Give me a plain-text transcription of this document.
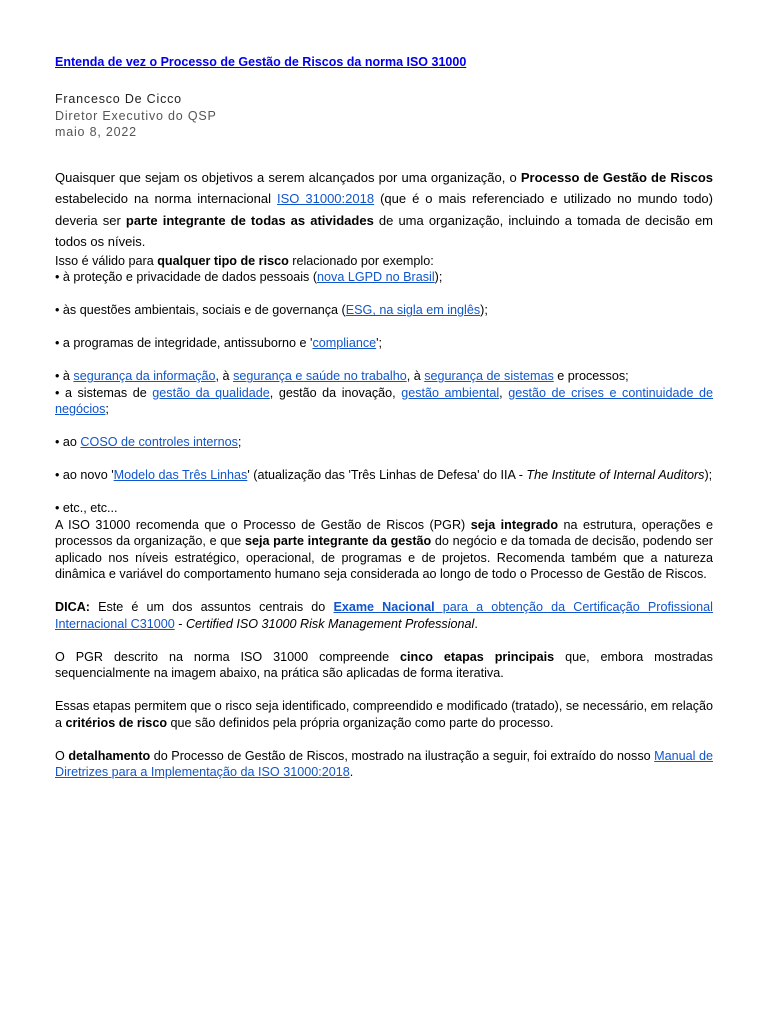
Entenda de vez o Processo de Gestão de Riscos da norma ISO 31000
Francesco De Cicco
Diretor Executivo do QSP
maio 8, 2022

Quaisquer que sejam os objetivos a serem alcançados por uma organização, o Processo de Gestão de Riscos estabelecido na norma internacional ISO 31000:2018 (que é o mais referenciado e utilizado no mundo todo) deveria ser parte integrante de todas as atividades de uma organização, incluindo a tomada de decisão em todos os níveis.

Isso é válido para qualquer tipo de risco relacionado por exemplo:

• à proteção e privacidade de dados pessoais (nova LGPD no Brasil);

• às questões ambientais, sociais e de governança (ESG, na sigla em inglês);

• a programas de integridade, antissuborno e 'compliance';

• à segurança da informação, à segurança e saúde no trabalho, à segurança de sistemas e processos;

• a sistemas de gestão da qualidade, gestão da inovação, gestão ambiental, gestão de crises e continuidade de negócios;

• ao COSO de controles internos;

• ao novo 'Modelo das Três Linhas' (atualização das 'Três Linhas de Defesa' do IIA - The Institute of Internal Auditors);

• etc., etc...

A ISO 31000 recomenda que o Processo de Gestão de Riscos (PGR) seja integrado na estrutura, operações e processos da organização, e que seja parte integrante da gestão do negócio e da tomada de decisão, podendo ser aplicado nos níveis estratégico, operacional, de programas e de projetos. Recomenda também que a natureza dinâmica e variável do comportamento humano seja considerada ao longo de todo o Processo de Gestão de Riscos.

DICA: Este é um dos assuntos centrais do Exame Nacional para a obtenção da Certificação Profissional Internacional C31000 - Certified ISO 31000 Risk Management Professional.

O PGR descrito na norma ISO 31000 compreende cinco etapas principais que, embora mostradas sequencialmente na imagem abaixo, na prática são aplicadas de forma iterativa.

Essas etapas permitem que o risco seja identificado, compreendido e modificado (tratado), se necessário, em relação a critérios de risco que são definidos pela própria organização como parte do processo.

O detalhamento do Processo de Gestão de Riscos, mostrado na ilustração a seguir, foi extraído do nosso Manual de Diretrizes para a Implementação da ISO 31000:2018.
